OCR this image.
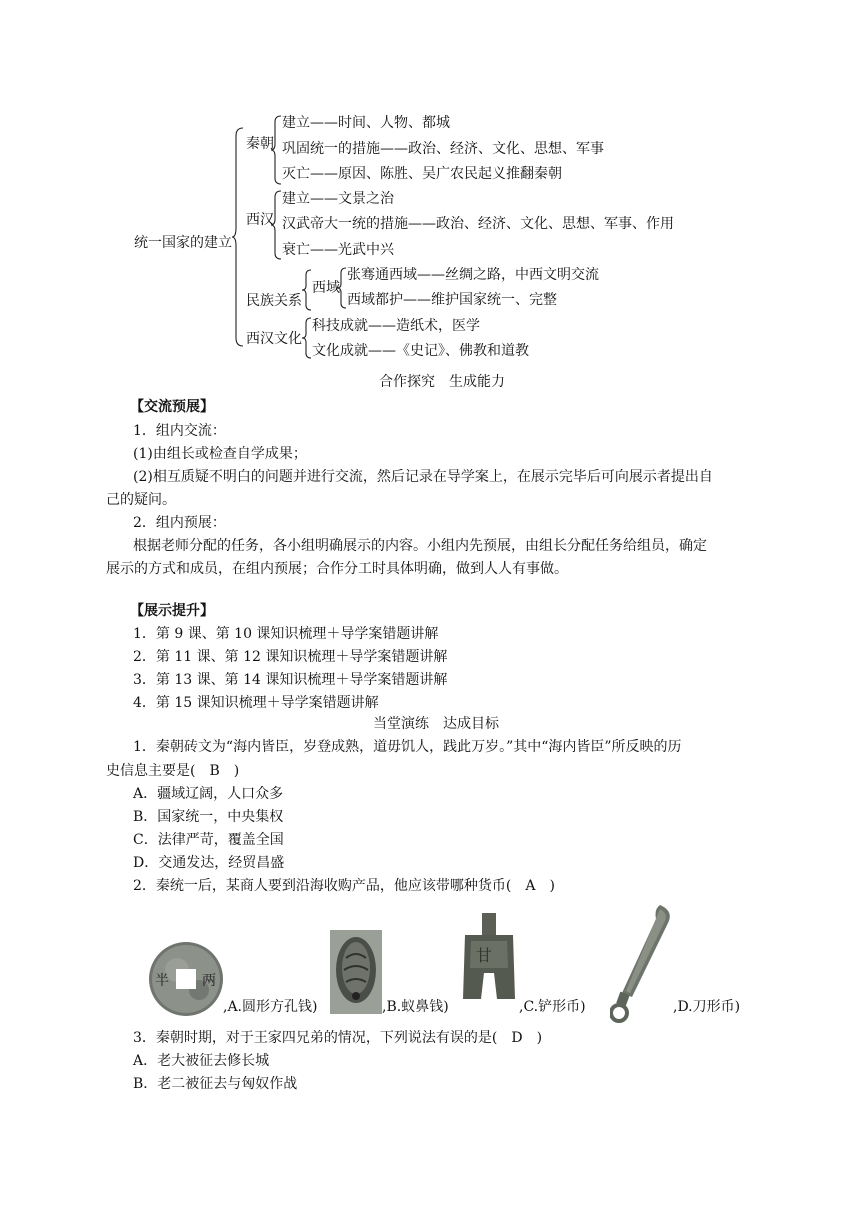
统一国家的建立
秦朝
建立——时间、人物、都城
巩固统一的措施——政治、经济、文化、思想、军事
灭亡——原因、陈胜、吴广农民起义推翻秦朝
西汉
建立——文景之治
汉武帝大一统的措施——政治、经济、文化、思想、军事、作用
衰亡——光武中兴
民族关系
西域
张骞通西域——丝绸之路，中西文明交流
西域都护——维护国家统一、完整
西汉文化
科技成就——造纸术，医学
文化成就——《史记》、佛教和道教
合作探究　生成能力
【交流预展】
1．组内交流：
(1)由组长或检查自学成果；
(2)相互质疑不明白的问题并进行交流，然后记录在导学案上，在展示完毕后可向展示者提出自
己的疑问。
2．组内预展：
根据老师分配的任务，各小组明确展示的内容。小组内先预展，由组长分配任务给组员，确定
展示的方式和成员，在组内预展；合作分工时具体明确，做到人人有事做。
【展示提升】
1．第 9 课、第 10 课知识梳理＋导学案错题讲解
2．第 11 课、第 12 课知识梳理＋导学案错题讲解
3．第 13 课、第 14 课知识梳理＋导学案错题讲解
4．第 15 课知识梳理＋导学案错题讲解
当堂演练　达成目标
1．秦朝砖文为“海内皆臣，岁登成熟，道毋饥人，践此万岁。”其中“海内皆臣”所反映的历
史信息主要是(　B　)
A．疆域辽阔，人口众多
B．国家统一，中央集权
C．法律严苛，覆盖全国
D．交通发达，经贸昌盛
2．秦统一后，某商人要到沿海收购产品，他应该带哪种货币(　A　)
半 两
,A.圆形方孔钱)	,B.蚁鼻钱)
甘
,C.铲形币)	,D.刀形币)
3．秦朝时期，对于王家四兄弟的情况，下列说法有误的是(　D　)
A．老大被征去修长城
B．老二被征去与匈奴作战
